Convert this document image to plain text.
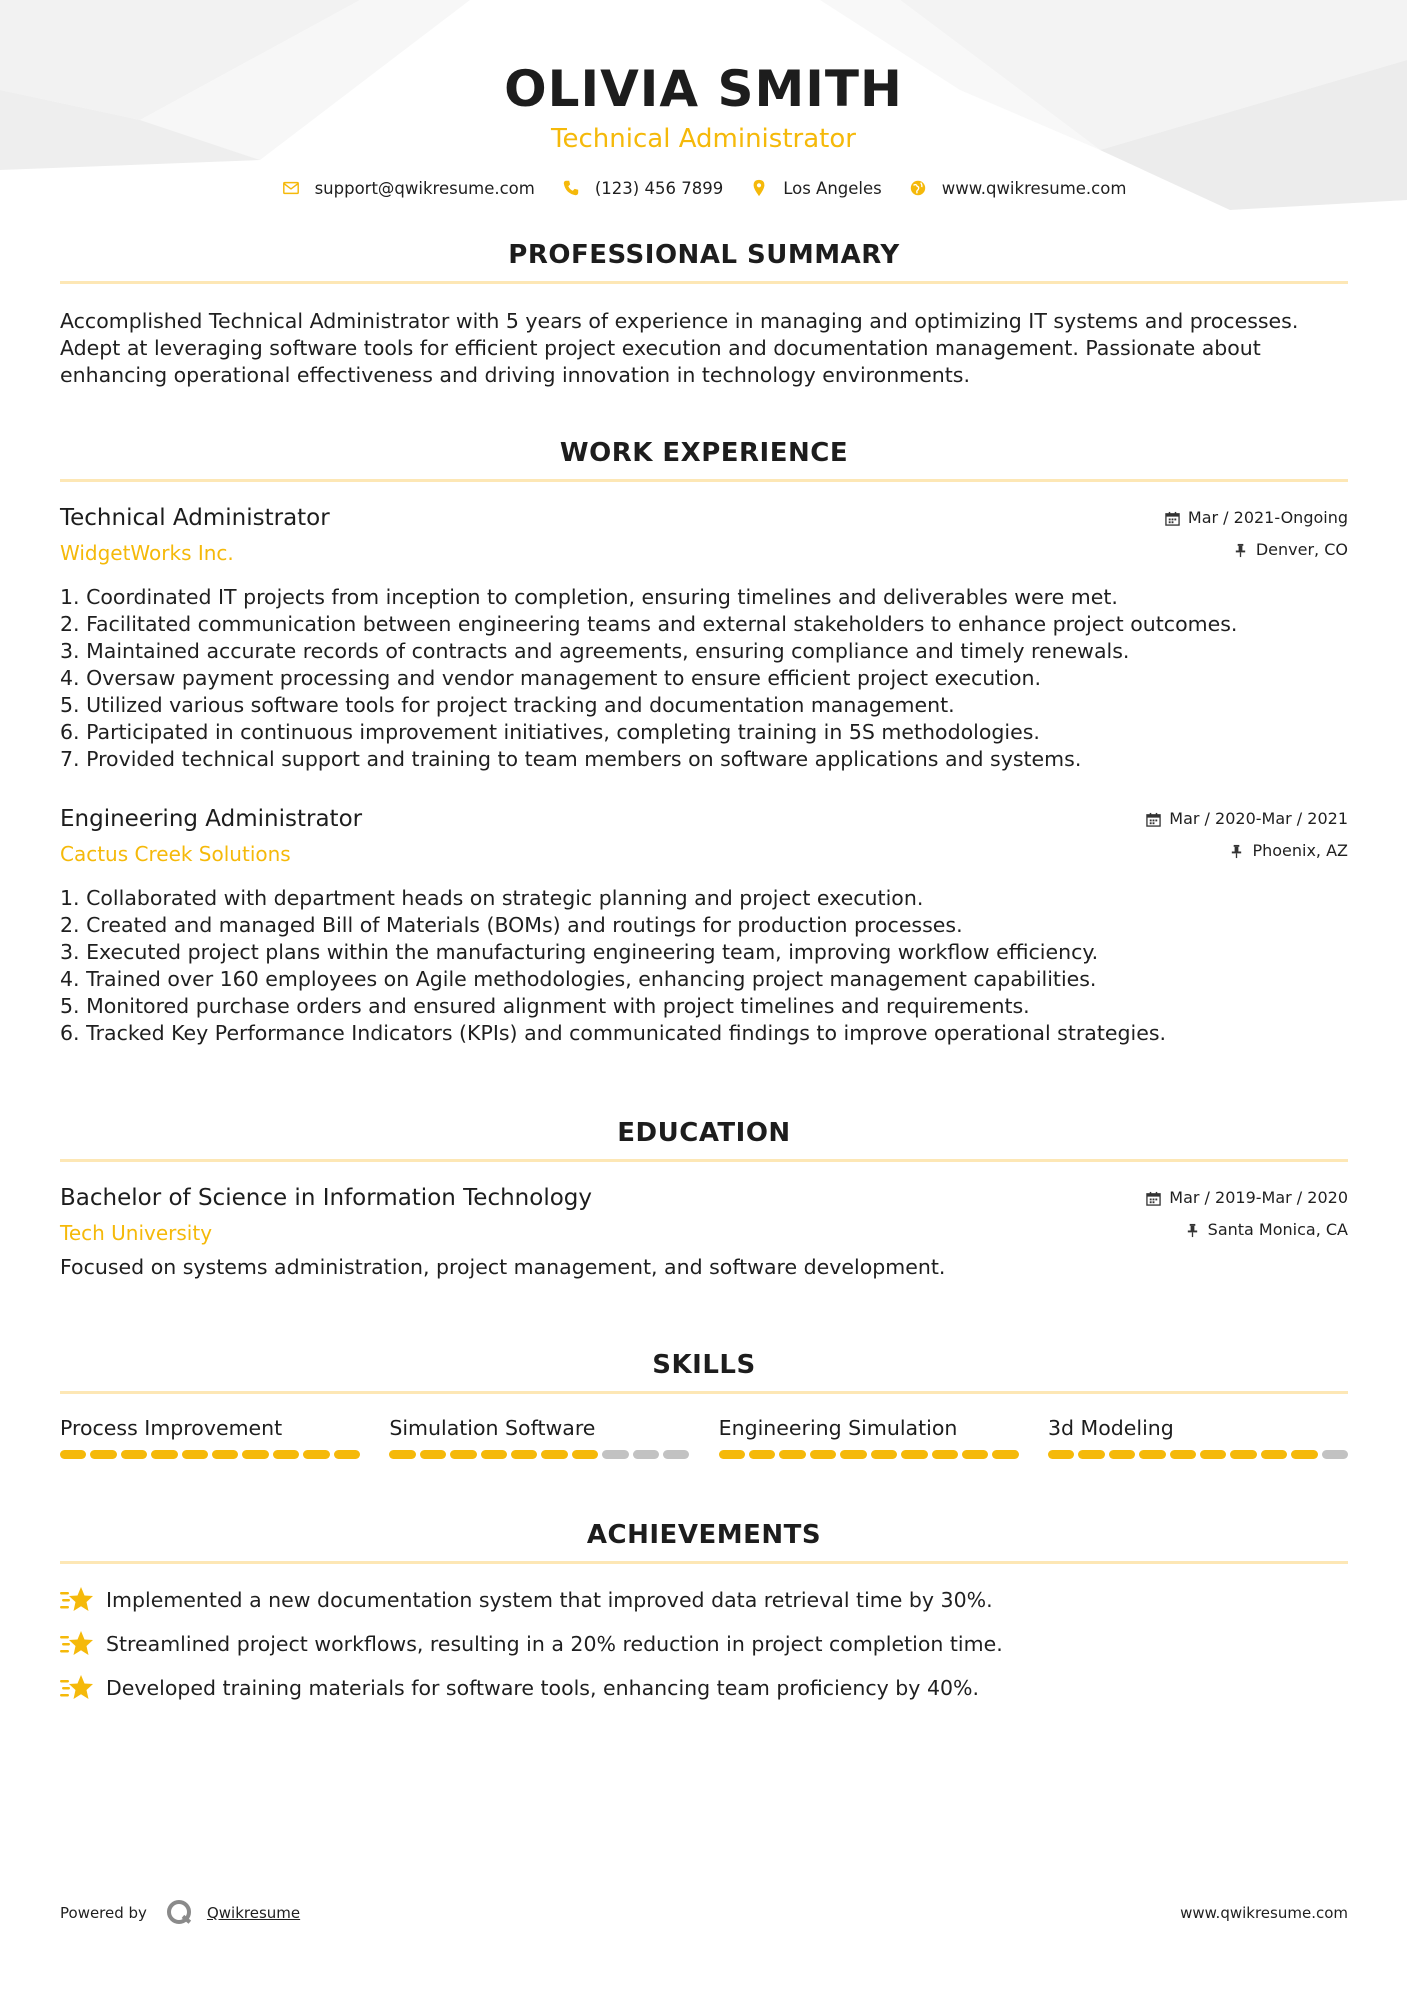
OLIVIA SMITH
Technical Administrator
support@qwikresume.com	(123) 456 7899	Los Angeles	www.qwikresume.com
PROFESSIONAL SUMMARY
Accomplished Technical Administrator with 5 years of experience in managing and optimizing IT systems and processes. Adept at leveraging software tools for efficient project execution and documentation management. Passionate about enhancing operational effectiveness and driving innovation in technology environments.
WORK EXPERIENCE
Technical Administrator
WidgetWorks Inc.
Mar / 2021-Ongoing
Denver, CO
1. Coordinated IT projects from inception to completion, ensuring timelines and deliverables were met.
2. Facilitated communication between engineering teams and external stakeholders to enhance project outcomes.
3. Maintained accurate records of contracts and agreements, ensuring compliance and timely renewals.
4. Oversaw payment processing and vendor management to ensure efficient project execution.
5. Utilized various software tools for project tracking and documentation management.
6. Participated in continuous improvement initiatives, completing training in 5S methodologies.
7. Provided technical support and training to team members on software applications and systems.
Engineering Administrator
Cactus Creek Solutions
Mar / 2020-Mar / 2021
Phoenix, AZ
1. Collaborated with department heads on strategic planning and project execution.
2. Created and managed Bill of Materials (BOMs) and routings for production processes.
3. Executed project plans within the manufacturing engineering team, improving workflow efficiency.
4. Trained over 160 employees on Agile methodologies, enhancing project management capabilities.
5. Monitored purchase orders and ensured alignment with project timelines and requirements.
6. Tracked Key Performance Indicators (KPIs) and communicated findings to improve operational strategies.
EDUCATION
Bachelor of Science in Information Technology
Tech University
Mar / 2019-Mar / 2020
Santa Monica, CA
Focused on systems administration, project management, and software development.
SKILLS
Process Improvement	Simulation Software	Engineering Simulation	3d Modeling
ACHIEVEMENTS
Implemented a new documentation system that improved data retrieval time by 30%.
Streamlined project workflows, resulting in a 20% reduction in project completion time.
Developed training materials for software tools, enhancing team proficiency by 40%.
Powered by	Qwikresume	www.qwikresume.com
